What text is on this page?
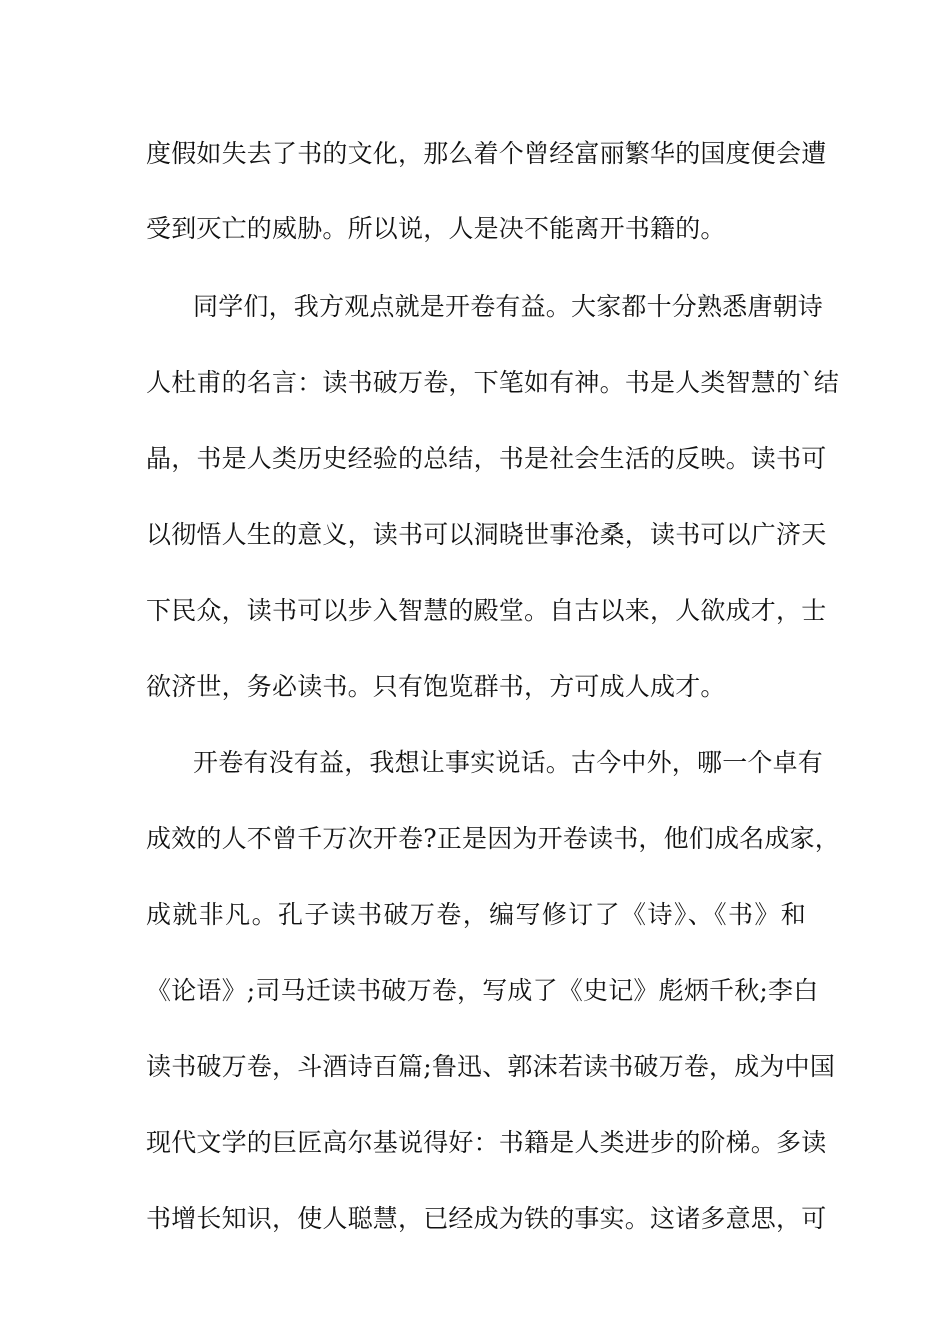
度假如失去了书的文化，那么着个曾经富丽繁华的国度便会遭
受到灭亡的威胁。所以说，人是决不能离开书籍的。
同学们，我方观点就是开卷有益。大家都十分熟悉唐朝诗
人杜甫的名言：读书破万卷，下笔如有神。书是人类智慧的`结
晶，书是人类历史经验的总结，书是社会生活的反映。读书可
以彻悟人生的意义，读书可以洞晓世事沧桑，读书可以广济天
下民众，读书可以步入智慧的殿堂。自古以来，人欲成才，士
欲济世，务必读书。只有饱览群书，方可成人成才。
开卷有没有益，我想让事实说话。古今中外，哪一个卓有
成效的人不曾千万次开卷?正是因为开卷读书，他们成名成家，
成就非凡。孔子读书破万卷，编写修订了《诗》、《书》和
《论语》;司马迁读书破万卷，写成了《史记》彪炳千秋;李白
读书破万卷，斗酒诗百篇;鲁迅、郭沫若读书破万卷，成为中国
现代文学的巨匠高尔基说得好：书籍是人类进步的阶梯。多读
书增长知识，使人聪慧，已经成为铁的事实。这诸多意思，可
